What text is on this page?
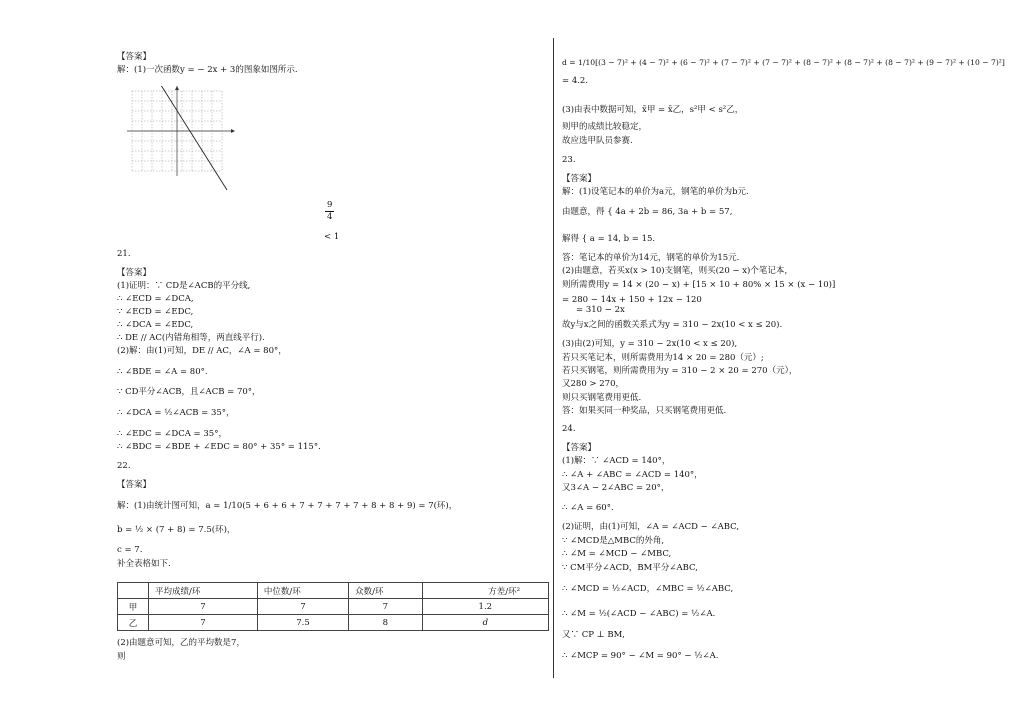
【答案】
解：(1)一次函数y = − 2x + 3的图象如图所示.
9
4
< 1
21.
【答案】
(1)证明：∵ CD是∠ACB的平分线,
∴ ∠ECD = ∠DCA,
∵ ∠ECD = ∠EDC,
∴ ∠DCA = ∠EDC,
∴ DE // AC(内错角相等，两直线平行).
(2)解：由(1)可知，DE // AC，∠A = 80°，
∴ ∠BDE = ∠A = 80°.
∵ CD平分∠ACB，且∠ACB = 70°，
∴ ∠DCA = ½∠ACB = 35°，
∴ ∠EDC = ∠DCA = 35°，
∴ ∠BDC = ∠BDE + ∠EDC = 80° + 35° = 115°.
22.
【答案】
解：(1)由统计图可知，a = 1/10(5 + 6 + 6 + 7 + 7 + 7 + 7 + 8 + 8 + 9) = 7(环)，
b = ½ × (7 + 8) = 7.5(环)，
c = 7.
补全表格如下.
	平均成绩/环	中位数/环	众数/环	方差/环²
甲	7	7	7	1.2
乙	7	7.5	8	d
(2)由题意可知，乙的平均数是7，
则
d = 1/10[(3 − 7)² + (4 − 7)² + (6 − 7)² + (7 − 7)² + (7 − 7)² + (8 − 7)² + (8 − 7)² + (8 − 7)² + (9 − 7)² + (10 − 7)²]
= 4.2.
(3)由表中数据可知，x̄甲 = x̄乙，s²甲 < s²乙，
则甲的成绩比较稳定，
故应选甲队员参赛.
23.
【答案】
解：(1)设笔记本的单价为a元，钢笔的单价为b元.
由题意，得 { 4a + 2b = 86, 3a + b = 57,
解得 { a = 14, b = 15.
答：笔记本的单价为14元，钢笔的单价为15元.
(2)由题意，若买x(x > 10)支钢笔，则买(20 − x)个笔记本，
则所需费用y = 14 × (20 − x) + [15 × 10 + 80% × 15 × (x − 10)]
= 280 − 14x + 150 + 12x − 120
= 310 − 2x
故y与x之间的函数关系式为y = 310 − 2x(10 < x ≤ 20).
(3)由(2)可知，y = 310 − 2x(10 < x ≤ 20),
若只买笔记本，则所需费用为14 × 20 = 280（元）;
若只买钢笔，则所需费用为y = 310 − 2 × 20 = 270（元），
又280 > 270，
则只买钢笔费用更低.
答：如果买同一种奖品，只买钢笔费用更低.
24.
【答案】
(1)解：∵ ∠ACD = 140°，
∴ ∠A + ∠ABC = ∠ACD = 140°，
又3∠A − 2∠ABC = 20°，
∴ ∠A = 60°.
(2)证明，由(1)可知，∠A = ∠ACD − ∠ABC,
∵ ∠MCD是△MBC的外角,
∴ ∠M = ∠MCD − ∠MBC,
∵ CM平分∠ACD，BM平分∠ABC,
∴ ∠MCD = ½∠ACD，∠MBC = ½∠ABC,
∴ ∠M = ½(∠ACD − ∠ABC) = ½∠A.
又∵ CP ⊥ BM,
∴ ∠MCP = 90° − ∠M = 90° − ½∠A.
